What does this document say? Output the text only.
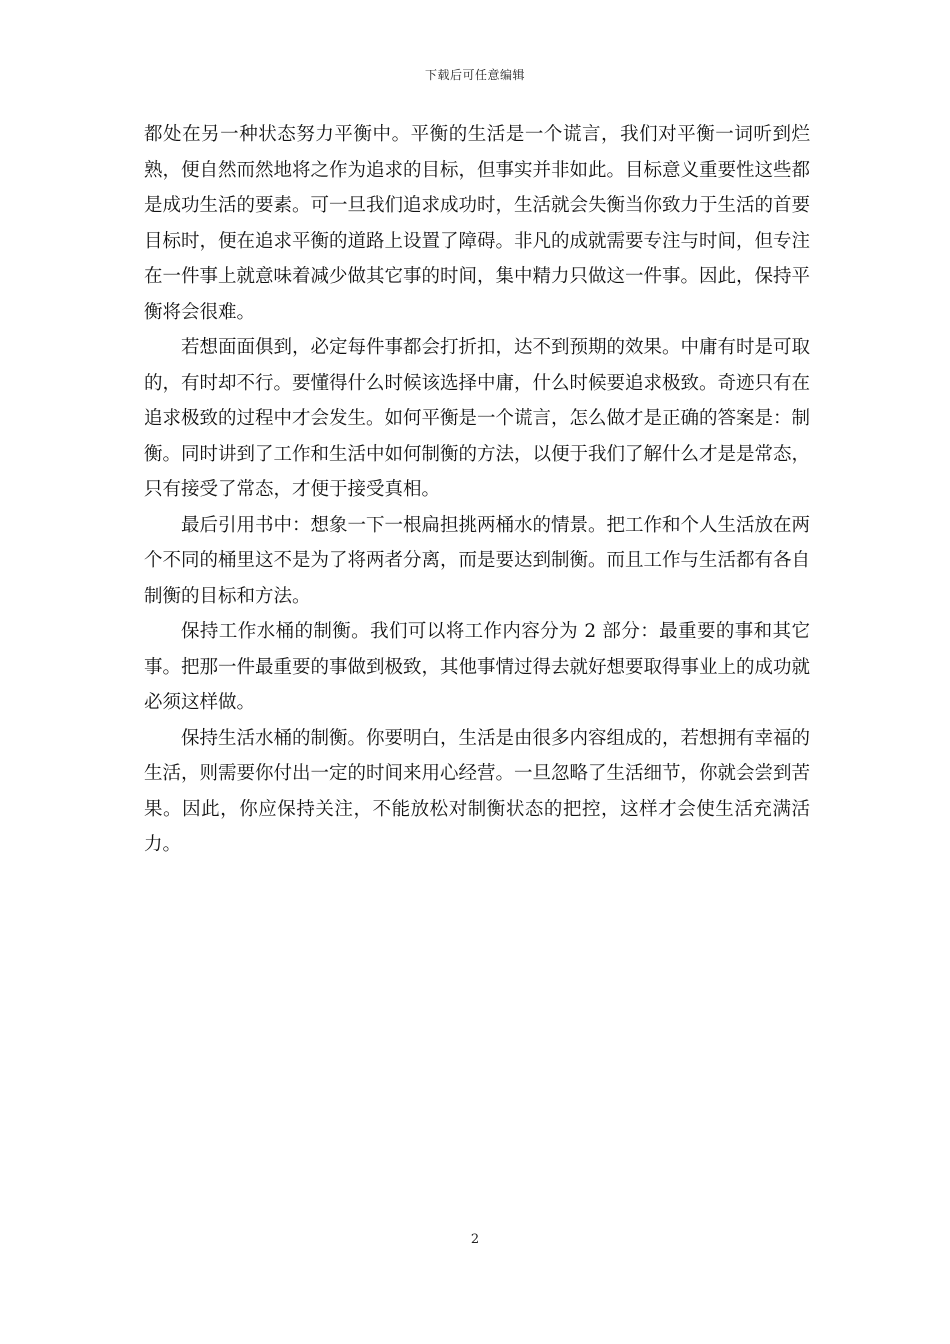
下载后可任意编辑

都处在另一种状态努力平衡中。平衡的生活是一个谎言，我们对平衡一词听到烂熟，便自然而然地将之作为追求的目标，但事实并非如此。目标意义重要性这些都是成功生活的要素。可一旦我们追求成功时，生活就会失衡当你致力于生活的首要目标时，便在追求平衡的道路上设置了障碍。非凡的成就需要专注与时间，但专注在一件事上就意味着减少做其它事的时间，集中精力只做这一件事。因此，保持平衡将会很难。

若想面面俱到，必定每件事都会打折扣，达不到预期的效果。中庸有时是可取的，有时却不行。要懂得什么时候该选择中庸，什么时候要追求极致。奇迹只有在追求极致的过程中才会发生。如何平衡是一个谎言，怎么做才是正确的答案是：制衡。同时讲到了工作和生活中如何制衡的方法，以便于我们了解什么才是是常态，只有接受了常态，才便于接受真相。

最后引用书中：想象一下一根扁担挑两桶水的情景。把工作和个人生活放在两个不同的桶里这不是为了将两者分离，而是要达到制衡。而且工作与生活都有各自制衡的目标和方法。

保持工作水桶的制衡。我们可以将工作内容分为 2 部分：最重要的事和其它事。把那一件最重要的事做到极致，其他事情过得去就好想要取得事业上的成功就必须这样做。

保持生活水桶的制衡。你要明白，生活是由很多内容组成的，若想拥有幸福的生活，则需要你付出一定的时间来用心经营。一旦忽略了生活细节，你就会尝到苦果。因此，你应保持关注，不能放松对制衡状态的把控，这样才会使生活充满活力。

2
